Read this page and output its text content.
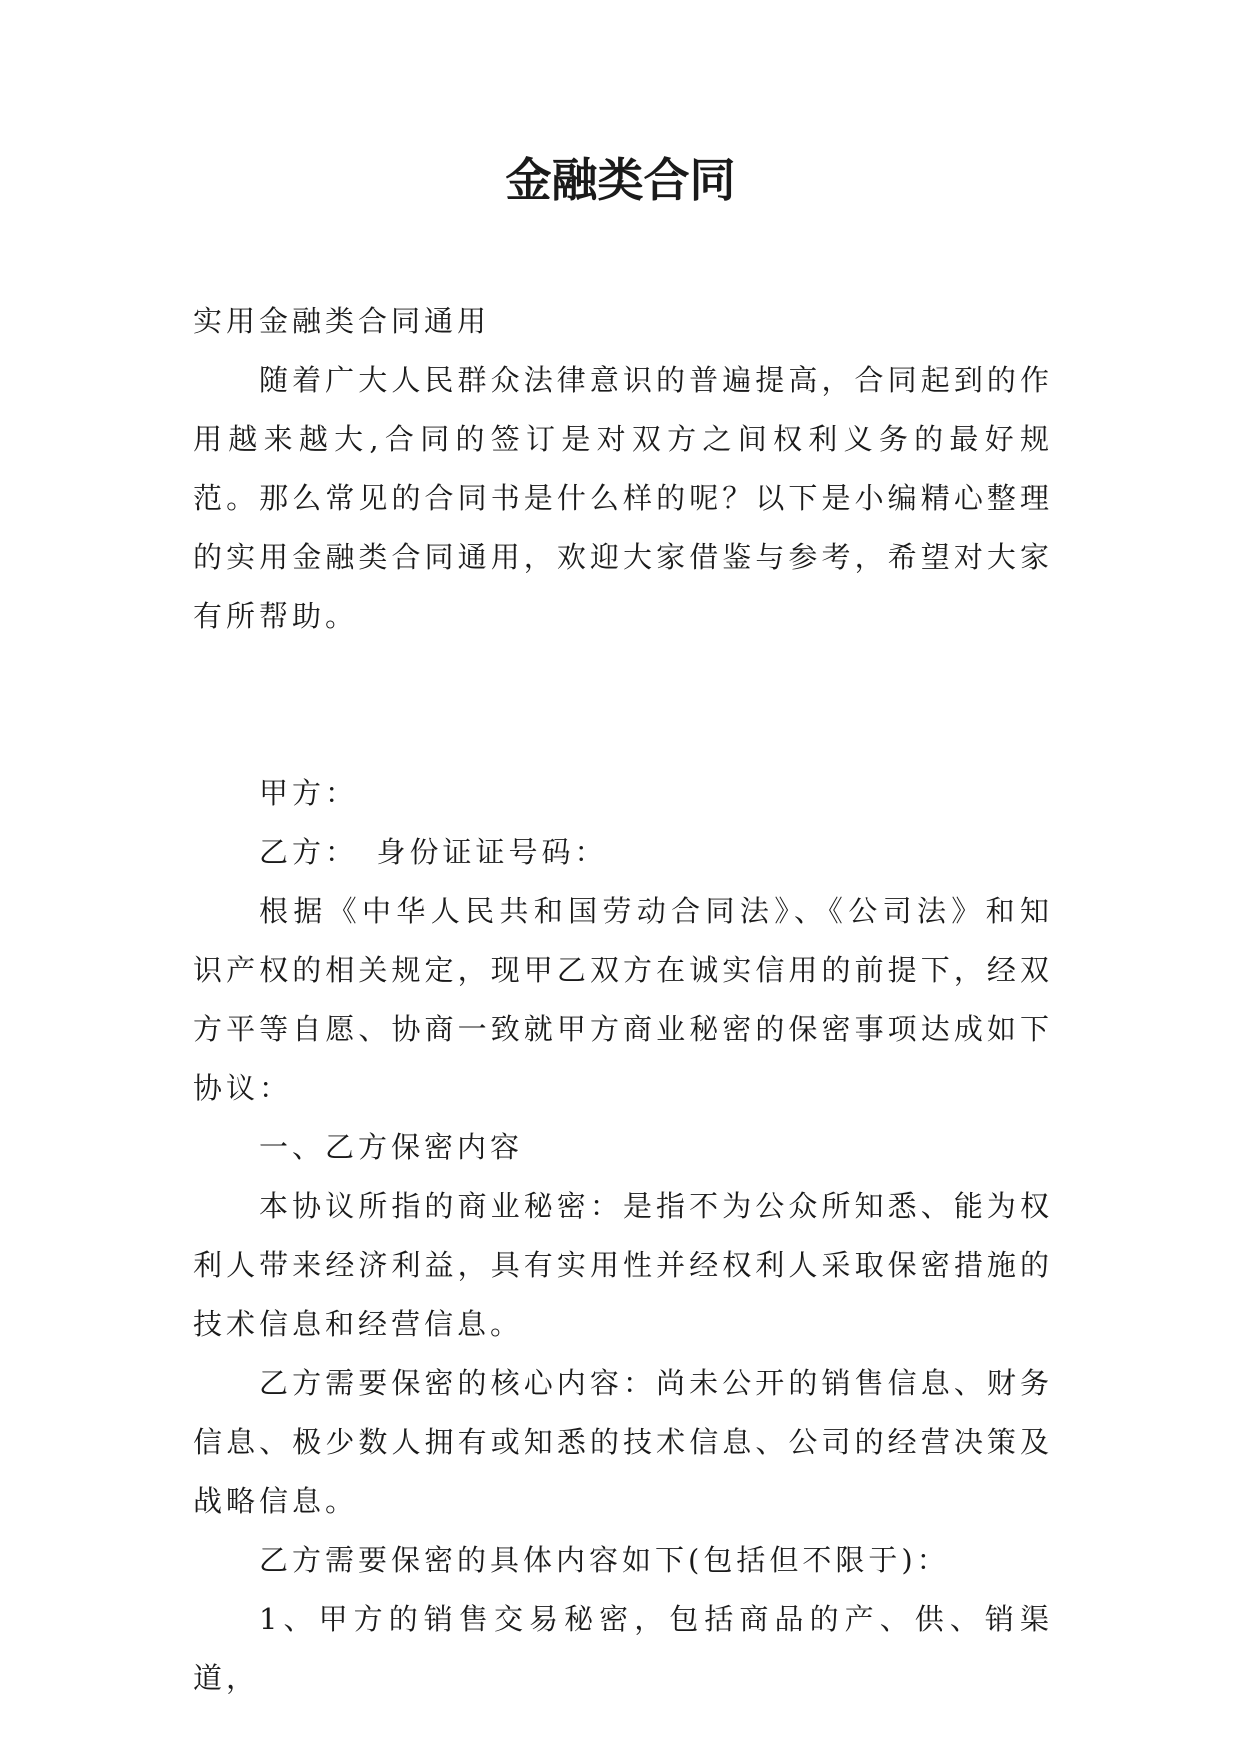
金融类合同

实用金融类合同通用

随着广大人民群众法律意识的普遍提高，合同起到的作用越来越大,合同的签订是对双方之间权利义务的最好规范。那么常见的合同书是什么样的呢？以下是小编精心整理的实用金融类合同通用，欢迎大家借鉴与参考，希望对大家有所帮助。

甲方：

乙方：　身份证证号码：

根据《中华人民共和国劳动合同法》、《公司法》和知识产权的相关规定，现甲乙双方在诚实信用的前提下，经双方平等自愿、协商一致就甲方商业秘密的保密事项达成如下协议：

一、乙方保密内容

本协议所指的商业秘密：是指不为公众所知悉、能为权利人带来经济利益，具有实用性并经权利人采取保密措施的技术信息和经营信息。

乙方需要保密的核心内容：尚未公开的销售信息、财务信息、极少数人拥有或知悉的技术信息、公司的经营决策及战略信息。

乙方需要保密的具体内容如下(包括但不限于)：

1、甲方的销售交易秘密，包括商品的产、供、销渠道，
